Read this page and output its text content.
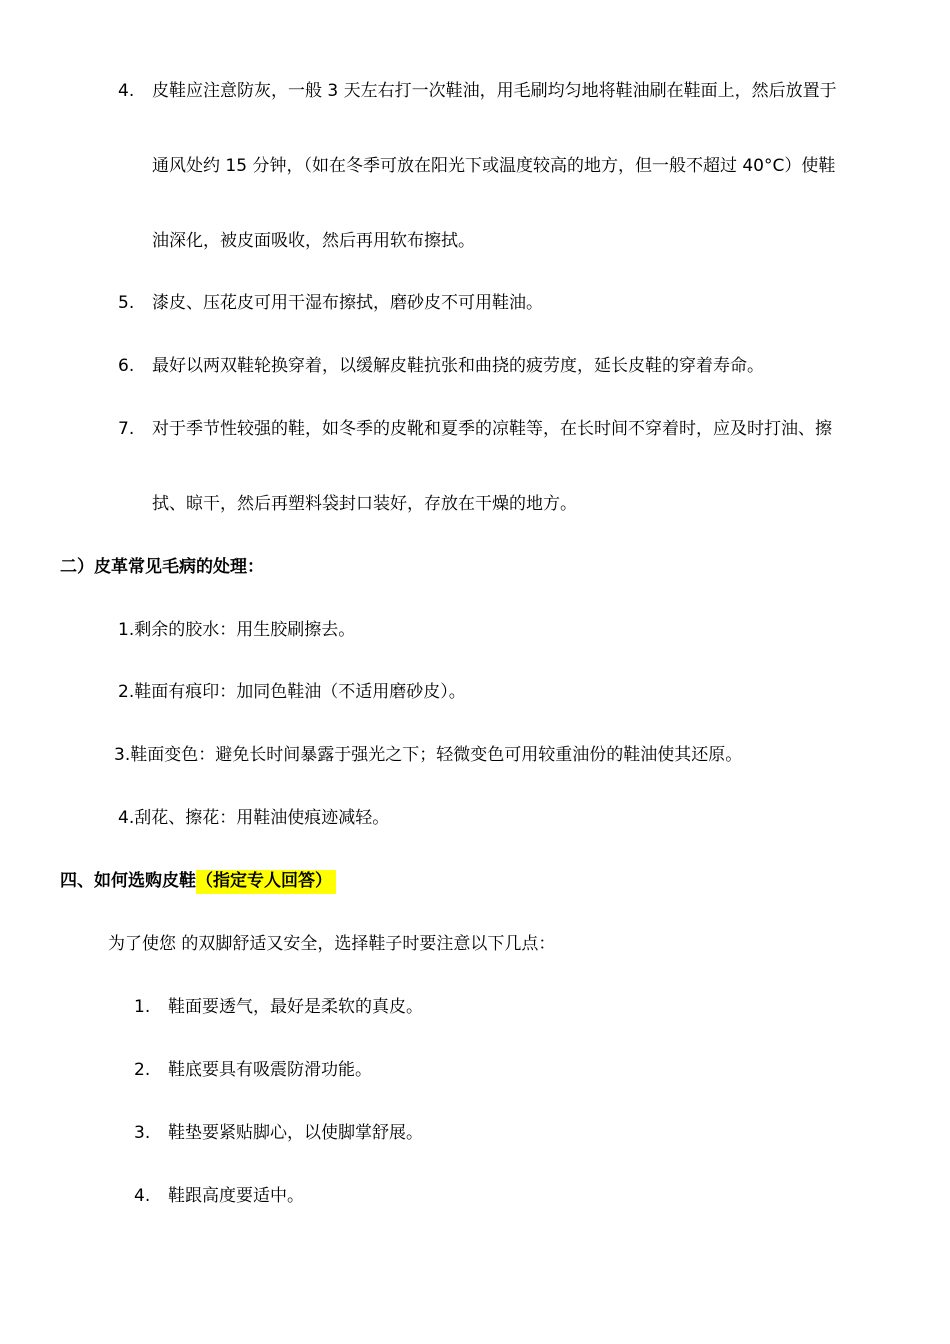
4. 皮鞋应注意防灰，一般 3 天左右打一次鞋油，用毛刷均匀地将鞋油刷在鞋面上，然后放置于
通风处约 15 分钟，（如在冬季可放在阳光下或温度较高的地方，但一般不超过 40°C）使鞋
油深化，被皮面吸收，然后再用软布擦拭。
5. 漆皮、压花皮可用干湿布擦拭，磨砂皮不可用鞋油。
6. 最好以两双鞋轮换穿着，以缓解皮鞋抗张和曲挠的疲劳度，延长皮鞋的穿着寿命。
7. 对于季节性较强的鞋，如冬季的皮靴和夏季的凉鞋等，在长时间不穿着时，应及时打油、擦
拭、晾干，然后再塑料袋封口装好，存放在干燥的地方。
二）皮革常见毛病的处理：
1.剩余的胶水：用生胶刷擦去。
2.鞋面有痕印：加同色鞋油（不适用磨砂皮）。
3.鞋面变色：避免长时间暴露于强光之下；轻微变色可用较重油份的鞋油使其还原。
4.刮花、擦花：用鞋油使痕迹减轻。
四、如何选购皮鞋（指定专人回答）
为了使您 的双脚舒适又安全，选择鞋子时要注意以下几点：
1. 鞋面要透气，最好是柔软的真皮。
2. 鞋底要具有吸震防滑功能。
3. 鞋垫要紧贴脚心，以使脚掌舒展。
4. 鞋跟高度要适中。
